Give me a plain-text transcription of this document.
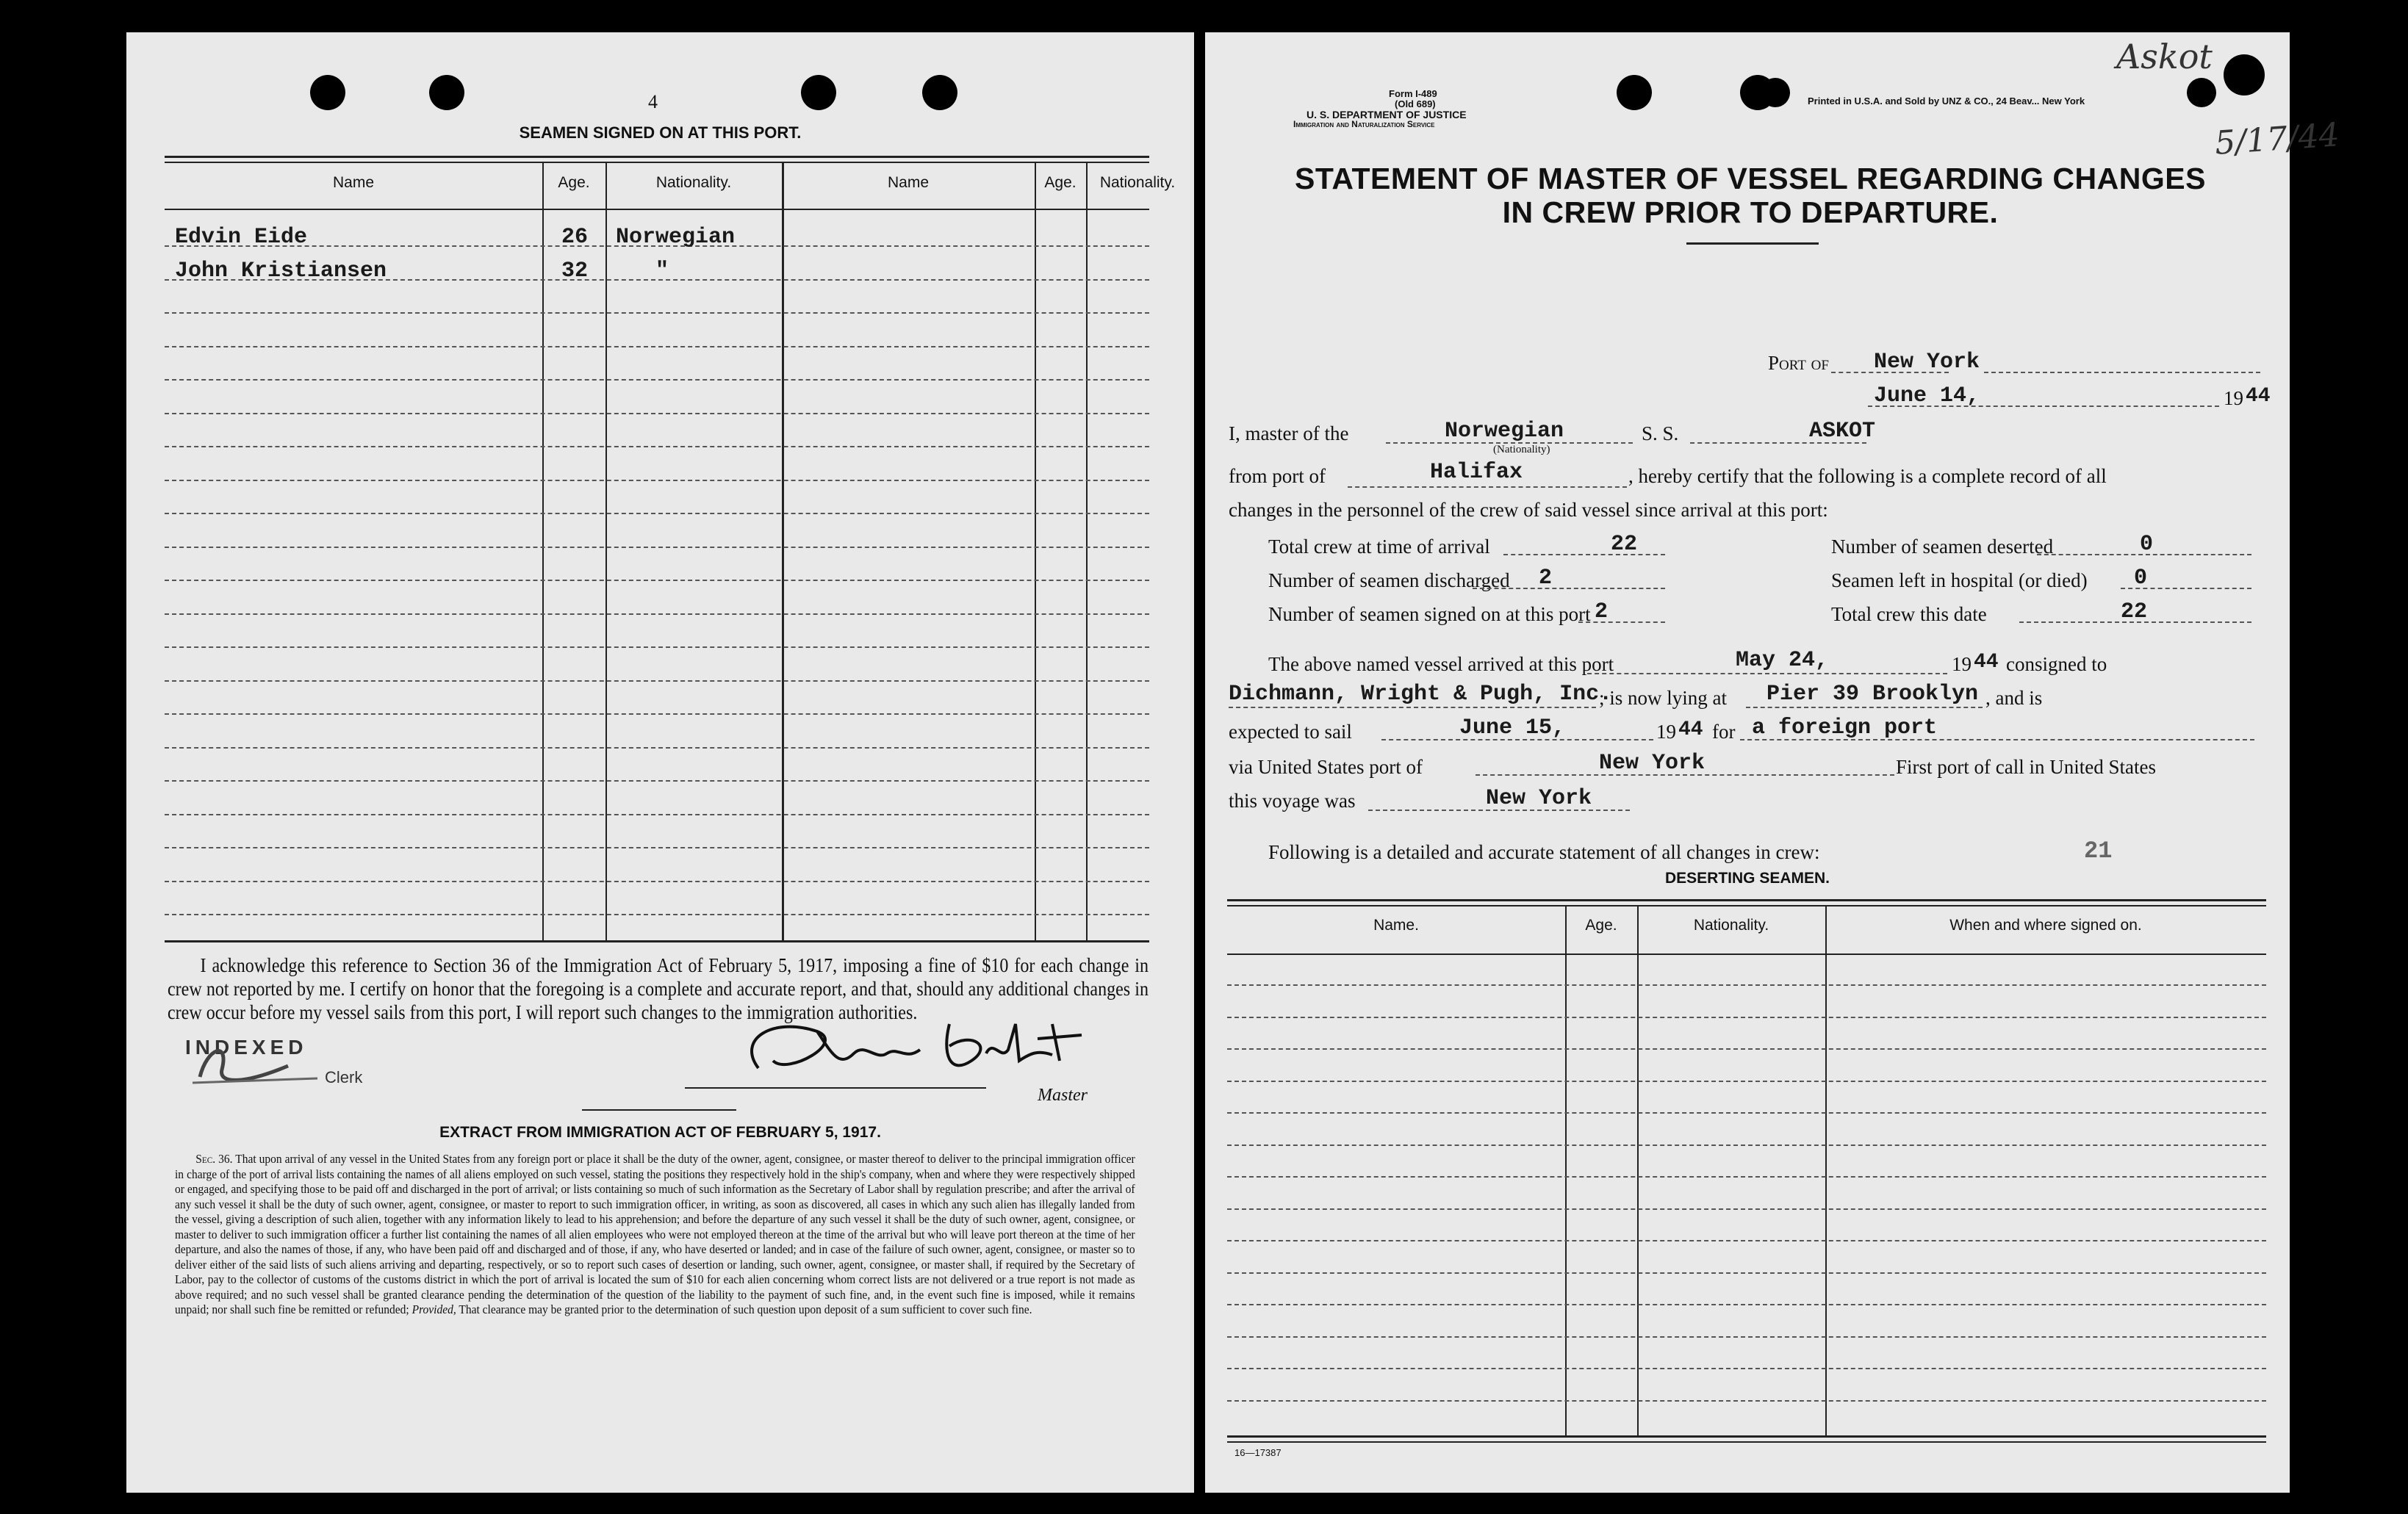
4
SEAMEN SIGNED ON AT THIS PORT.
Name	Age.	Nationality.	Name	Age.	Nationality.
Edvin Eide	26 Norwegian
John Kristiansen	32	"
I acknowledge this reference to Section 36 of the Immigration Act of February 5, 1917, imposing a fine of $10 for each change in crew not reported by me. I certify on honor that the foregoing is a complete and accurate report, and that, should any additional changes in crew occur before my vessel sails from this port, I will report such changes to the immigration authorities.
INDEXED
Clerk
Master
EXTRACT FROM IMMIGRATION ACT OF FEBRUARY 5, 1917.
Sec. 36. That upon arrival of any vessel in the United States from any foreign port or place it shall be the duty of the owner, agent, consignee, or master thereof to deliver to the principal immigration officer in charge of the port of arrival lists containing the names of all aliens employed on such vessel, stating the positions they respectively hold in the ship's company, when and where they were respectively shipped or engaged, and specifying those to be paid off and discharged in the port of arrival; or lists containing so much of such information as the Secretary of Labor shall by regulation prescribe; and after the arrival of any such vessel it shall be the duty of such owner, agent, consignee, or master to report to such immigration officer, in writing, as soon as discovered, all cases in which any such alien has illegally landed from the vessel, giving a description of such alien, together with any information likely to lead to his apprehension; and before the departure of any such vessel it shall be the duty of such owner, agent, consignee, or master to deliver to such immigration officer a further list containing the names of all alien employees who were not employed thereon at the time of the arrival but who will leave port thereon at the time of her departure, and also the names of those, if any, who have been paid off and discharged and of those, if any, who have deserted or landed; and in case of the failure of such owner, agent, consignee, or master so to deliver either of the said lists of such aliens arriving and departing, respectively, or so to report such cases of desertion or landing, such owner, agent, consignee, or master shall, if required by the Secretary of Labor, pay to the collector of customs of the customs district in which the port of arrival is located the sum of $10 for each alien concerning whom correct lists are not delivered or a true report is not made as above required; and no such vessel shall be granted clearance pending the determination of the question of the liability to the payment of such fine, and, in the event such fine is imposed, while it remains unpaid; nor shall such fine be remitted or refunded; Provided, That clearance may be granted prior to the determination of such question upon deposit of a sum sufficient to cover such fine.
Form I-489
(Old 689)
U. S. DEPARTMENT OF JUSTICE
Immigration and Naturalization Service
Printed in U.S.A. and Sold by UNZ & CO., 24 Beav... New York
Askot
5/17/44
STATEMENT OF MASTER OF VESSEL REGARDING CHANGES
IN CREW PRIOR TO DEPARTURE.
Port of New York
June 14,	19 44
I, master of the	Norwegian
(Nationality)
S. S.	ASKOT
from port of	Halifax	, hereby certify that the following is a complete record of all
changes in the personnel of the crew of said vessel since arrival at this port:
Total crew at time of arrival	22	Number of seamen deserted	0
Number of seamen discharged 2	Seamen left in hospital (or died) 0
Number of seamen signed on at this port 2	Total crew this date	22
The above named vessel arrived at this port	May 24,	19 44 consigned to
Dichmann, Wright & Pugh, Inc.
; is now lying at Pier 39 Brooklyn , and is
expected to sail	June 15,	19 44 for a foreign port
via United States port of	New York	First port of call in United States
this voyage was	New York
Following is a detailed and accurate statement of all changes in crew:	21
DESERTING SEAMEN.
Name.	Age.	Nationality.	When and where signed on.
16—17387
